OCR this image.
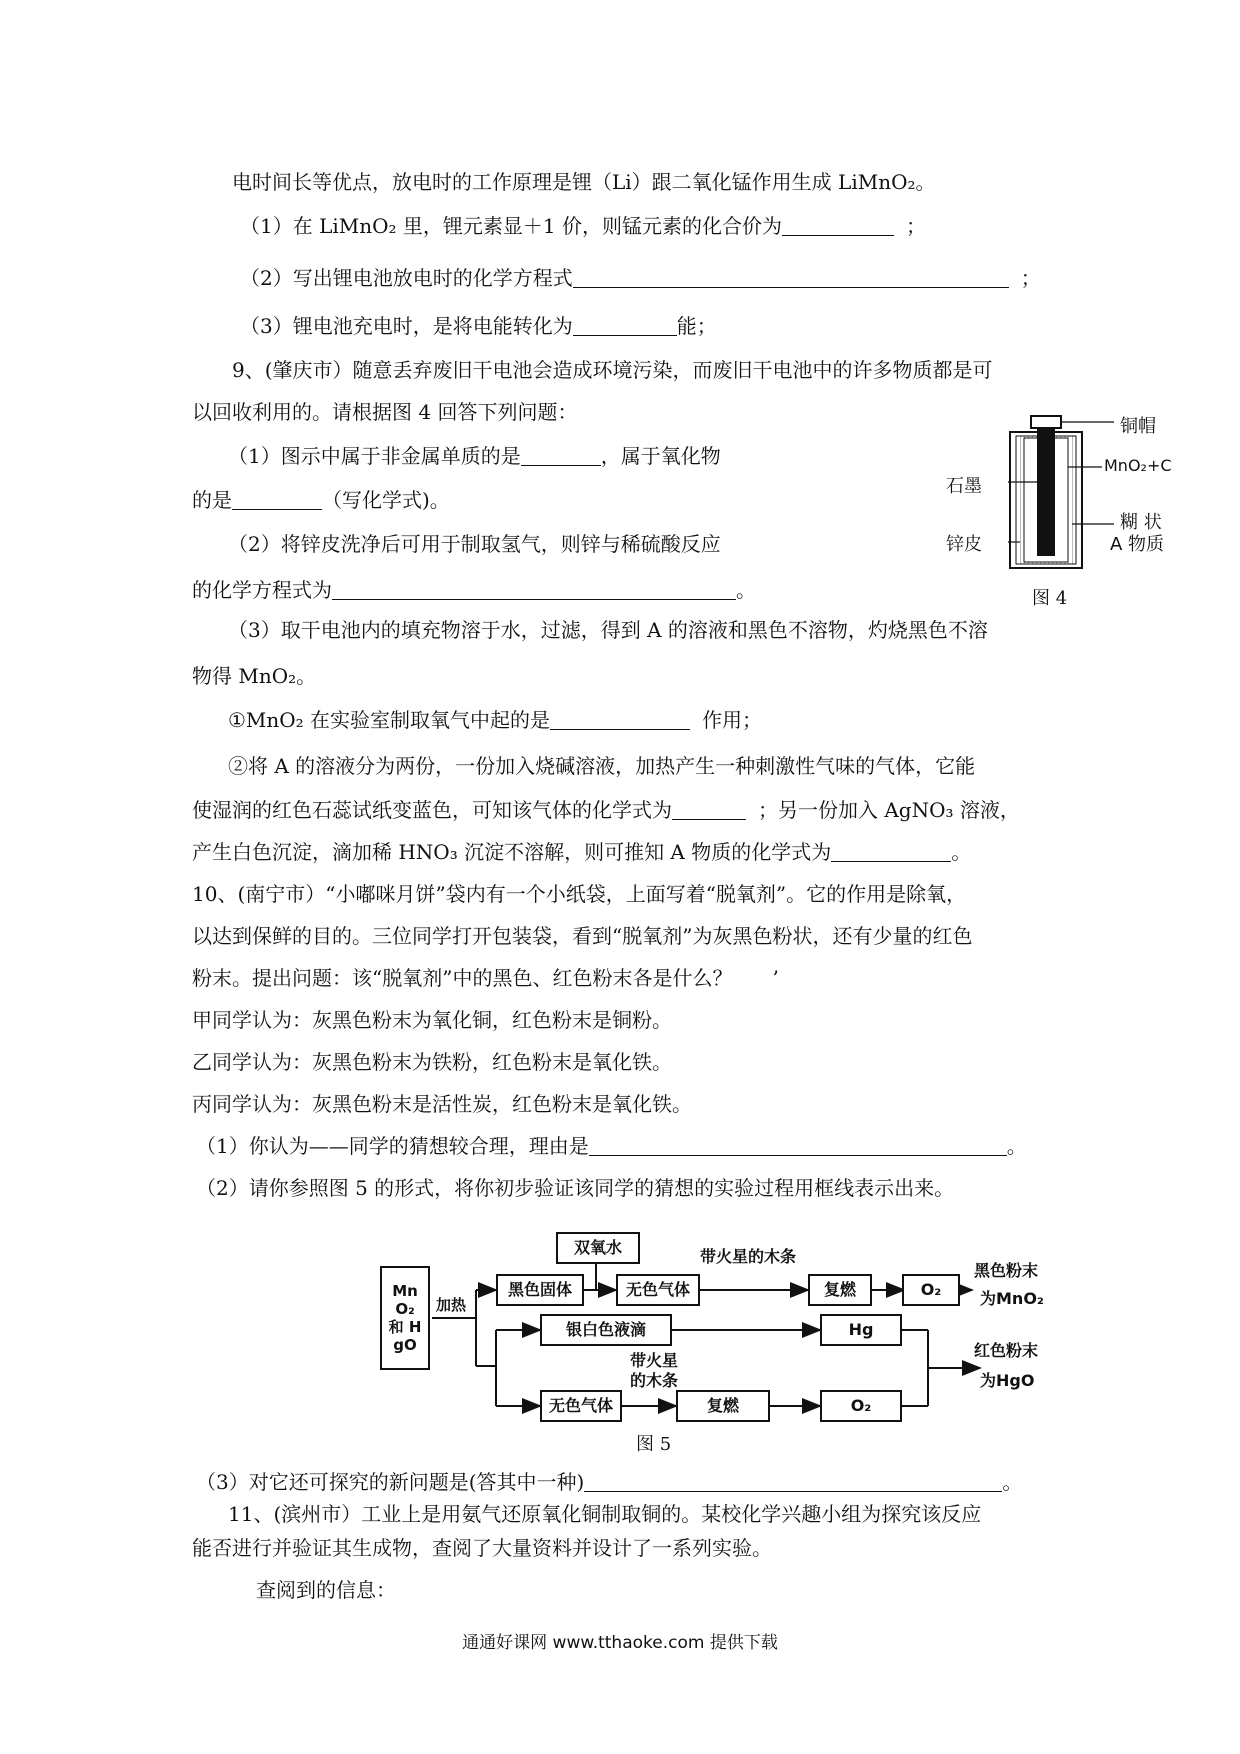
电时间长等优点，放电时的工作原理是锂（Li）跟二氧化锰作用生成 LiMnO₂。
（1）在 LiMnO₂ 里，锂元素显＋1 价，则锰元素的化合价为	；
（2）写出锂电池放电时的化学方程式	；
（3）锂电池充电时，是将电能转化为	能；
9、(肇庆市）随意丢弃废旧干电池会造成环境污染，而废旧干电池中的许多物质都是可
以回收利用的。请根据图 4 回答下列问题：
（1）图示中属于非金属单质的是	，属于氧化物
的是	（写化学式)。
（2）将锌皮洗净后可用于制取氢气，则锌与稀硫酸反应
的化学方程式为	。
铜帽
MnO₂+C
石墨
糊 状
锌皮	A 物质
图 4
（3）取干电池内的填充物溶于水，过滤，得到 A 的溶液和黑色不溶物，灼烧黑色不溶
物得 MnO₂。
①MnO₂ 在实验室制取氧气中起的是	作用；
②将 A 的溶液分为两份，一份加入烧碱溶液，加热产生一种刺激性气味的气体，它能
使湿润的红色石蕊试纸变蓝色，可知该气体的化学式为	；另一份加入 AgNO₃ 溶液，
产生白色沉淀，滴加稀 HNO₃ 沉淀不溶解，则可推知 A 物质的化学式为	。
10、(南宁市）“小嘟咪月饼”袋内有一个小纸袋，上面写着“脱氧剂”。它的作用是除氧，
以达到保鲜的目的。三位同学打开包装袋，看到“脱氧剂”为灰黑色粉状，还有少量的红色
粉末。提出问题：该“脱氧剂”中的黑色、红色粉末各是什么？　　’
甲同学认为：灰黑色粉末为氧化铜，红色粉末是铜粉。
乙同学认为：灰黑色粉末为铁粉，红色粉末是氧化铁。
丙同学认为：灰黑色粉末是活性炭，红色粉末是氧化铁。
（1）你认为——同学的猜想较合理，理由是	。
（2）请你参照图 5 的形式，将你初步验证该同学的猜想的实验过程用框线表示出来。
MnO₂ 和 HgO
加热
双氧水
黑色固体	无色气体
带火星的木条
复燃	O₂
黑色粉末
为MnO₂
银白色液滴	Hg
带火星
的木条
红色粉末
为HgO
无色气体	复燃	O₂
图 5
（3）对它还可探究的新问题是(答其中一种)	。
11、(滨州市）工业上是用氨气还原氧化铜制取铜的。某校化学兴趣小组为探究该反应
能否进行并验证其生成物，查阅了大量资料并设计了一系列实验。
查阅到的信息：
通通好课网 www.tthaoke.com 提供下载
